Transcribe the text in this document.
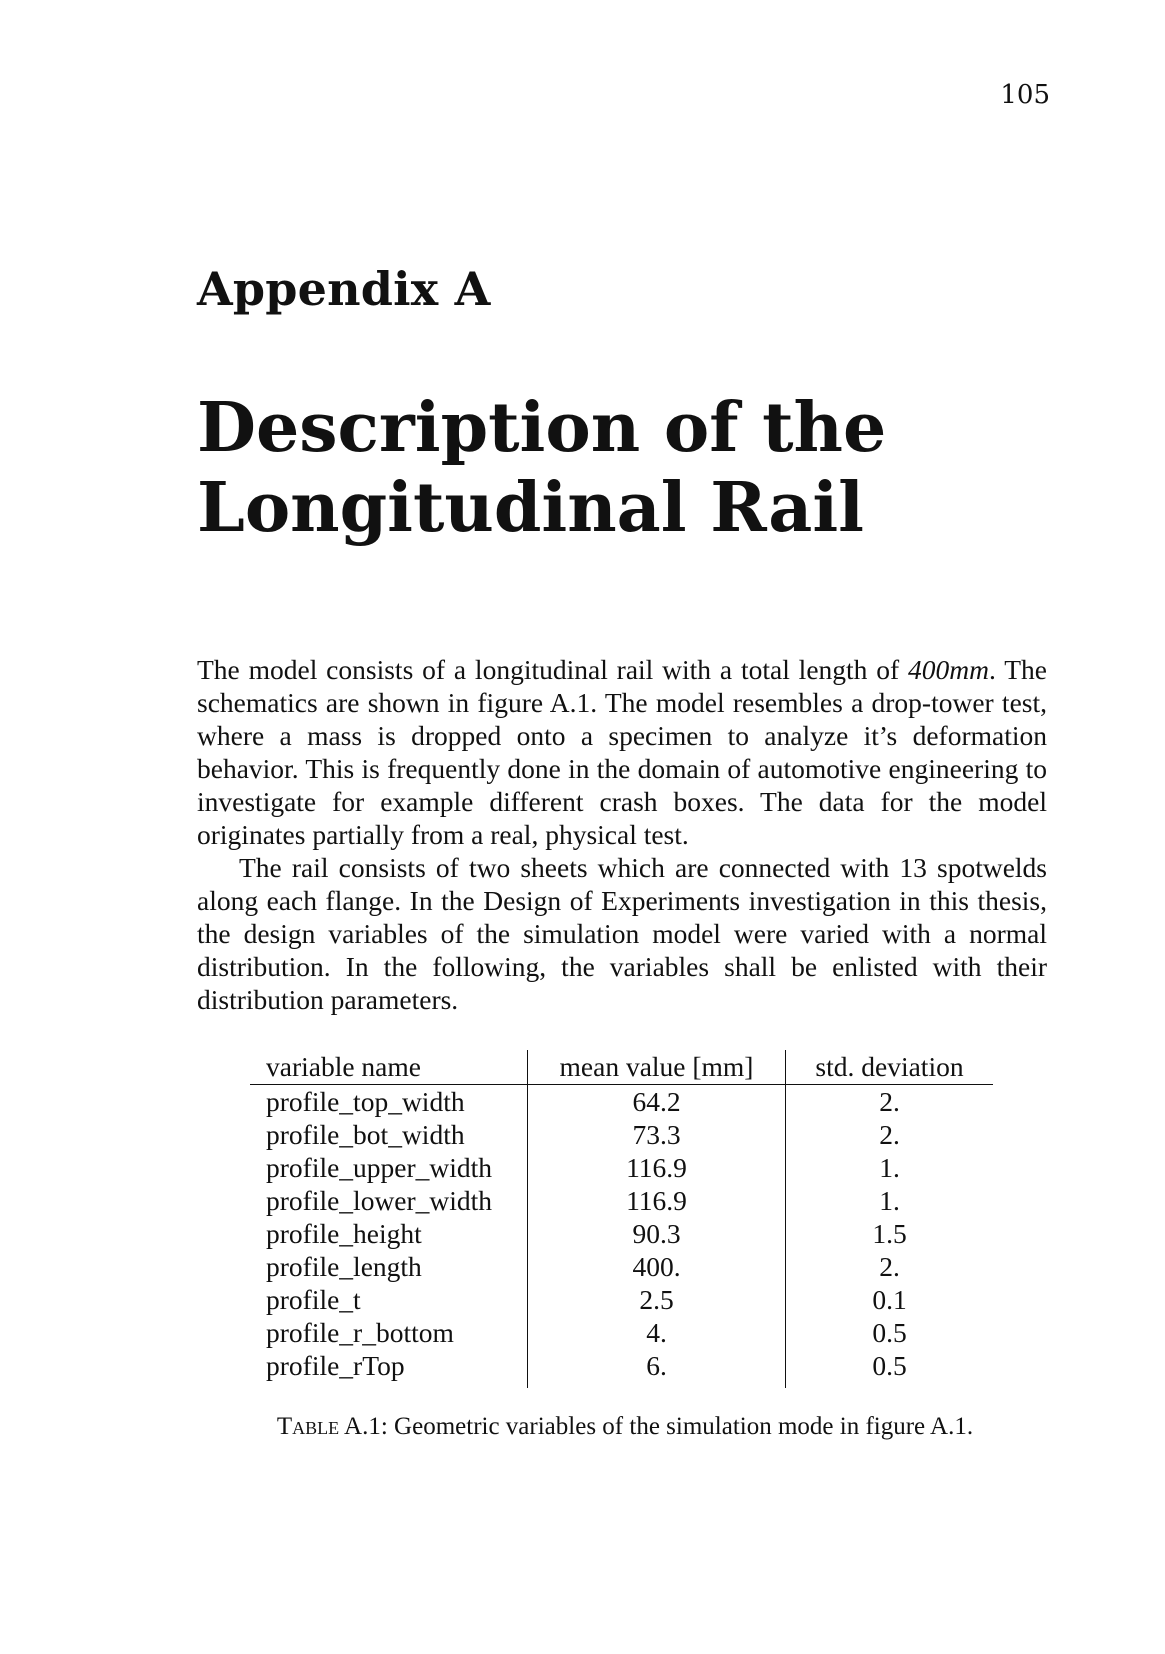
105
Appendix A
Description of the
Longitudinal Rail

The model consists of a longitudinal rail with a total length of 400mm. The schematics are shown in figure A.1. The model resembles a drop-tower test, where a mass is dropped onto a specimen to analyze it’s deformation behavior. This is frequently done in the domain of automotive engineering to investigate for example different crash boxes. The data for the model originates partially from a real, physical test.

The rail consists of two sheets which are connected with 13 spotwelds along each flange. In the Design of Experiments investigation in this thesis, the design variables of the simulation model were varied with a normal distribution. In the following, the variables shall be enlisted with their distribution parameters.

variable name	mean value [mm]	std. deviation
profile_top_width	64.2	2.
profile_bot_width	73.3	2.
profile_upper_width	116.9	1.
profile_lower_width	116.9	1.
profile_height	90.3	1.5
profile_length	400.	2.
profile_t	2.5	0.1
profile_r_bottom	4.	0.5
profile_rTop	6.	0.5
Table A.1: Geometric variables of the simulation mode in figure A.1.
